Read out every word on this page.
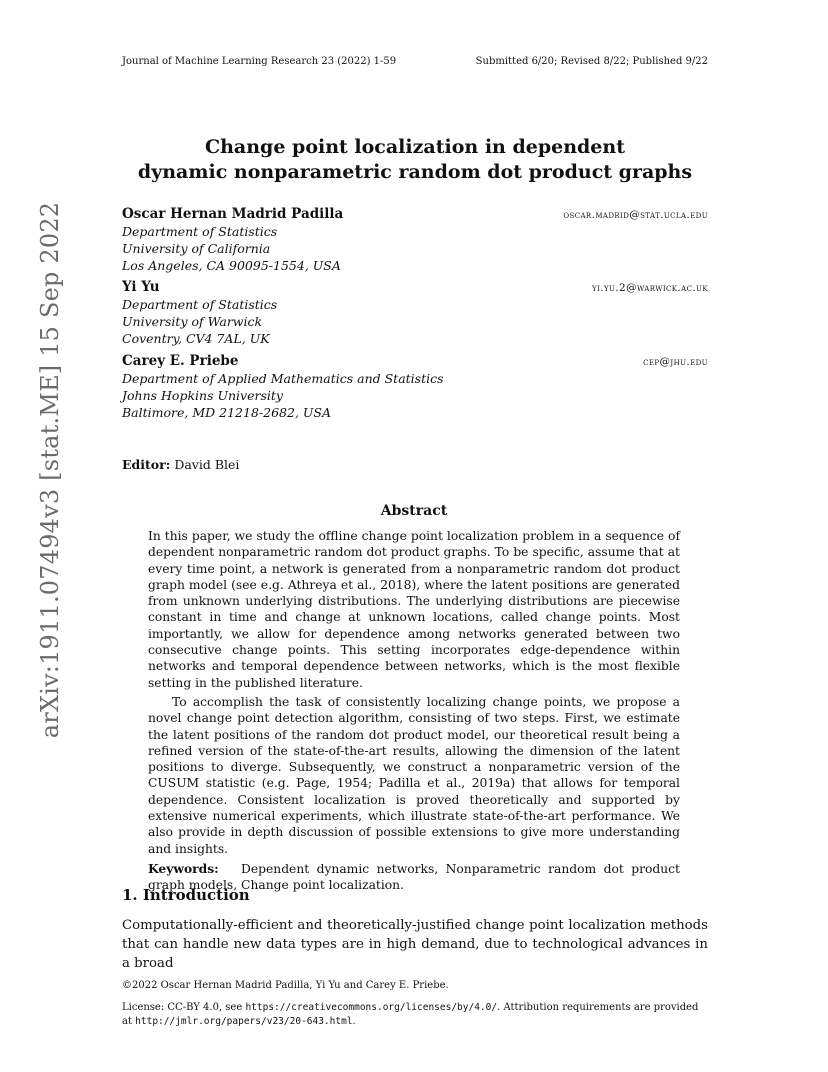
arXiv:1911.07494v3 [stat.ME] 15 Sep 2022
Journal of Machine Learning Research 23 (2022) 1-59	Submitted 6/20; Revised 8/22; Published 9/22
Change point localization in dependent
dynamic nonparametric random dot product graphs
Oscar Hernan Madrid Padilla	oscar.madrid@stat.ucla.edu
Department of Statistics
University of California
Los Angeles, CA 90095-1554, USA
Yi Yu	yi.yu.2@warwick.ac.uk
Department of Statistics
University of Warwick
Coventry, CV4 7AL, UK
Carey E. Priebe	cep@jhu.edu
Department of Applied Mathematics and Statistics
Johns Hopkins University
Baltimore, MD 21218-2682, USA
Editor: David Blei
Abstract

In this paper, we study the offline change point localization problem in a sequence of dependent nonparametric random dot product graphs. To be specific, assume that at every time point, a network is generated from a nonparametric random dot product graph model (see e.g. Athreya et al., 2018), where the latent positions are generated from unknown underlying distributions. The underlying distributions are piecewise constant in time and change at unknown locations, called change points. Most importantly, we allow for dependence among networks generated between two consecutive change points. This setting incorporates edge-dependence within networks and temporal dependence between networks, which is the most flexible setting in the published literature.

To accomplish the task of consistently localizing change points, we propose a novel change point detection algorithm, consisting of two steps. First, we estimate the latent positions of the random dot product model, our theoretical result being a refined version of the state-of-the-art results, allowing the dimension of the latent positions to diverge. Subsequently, we construct a nonparametric version of the CUSUM statistic (e.g. Page, 1954; Padilla et al., 2019a) that allows for temporal dependence. Consistent localization is proved theoretically and supported by extensive numerical experiments, which illustrate state-of-the-art performance. We also provide in depth discussion of possible extensions to give more understanding and insights.

Keywords: Dependent dynamic networks, Nonparametric random dot product graph models, Change point localization.
1. Introduction

Computationally-efficient and theoretically-justified change point localization methods that can handle new data types are in high demand, due to technological advances in a broad

©2022 Oscar Hernan Madrid Padilla, Yi Yu and Carey E. Priebe.
License: CC-BY 4.0, see https://creativecommons.org/licenses/by/4.0/. Attribution requirements are provided
at http://jmlr.org/papers/v23/20-643.html.
